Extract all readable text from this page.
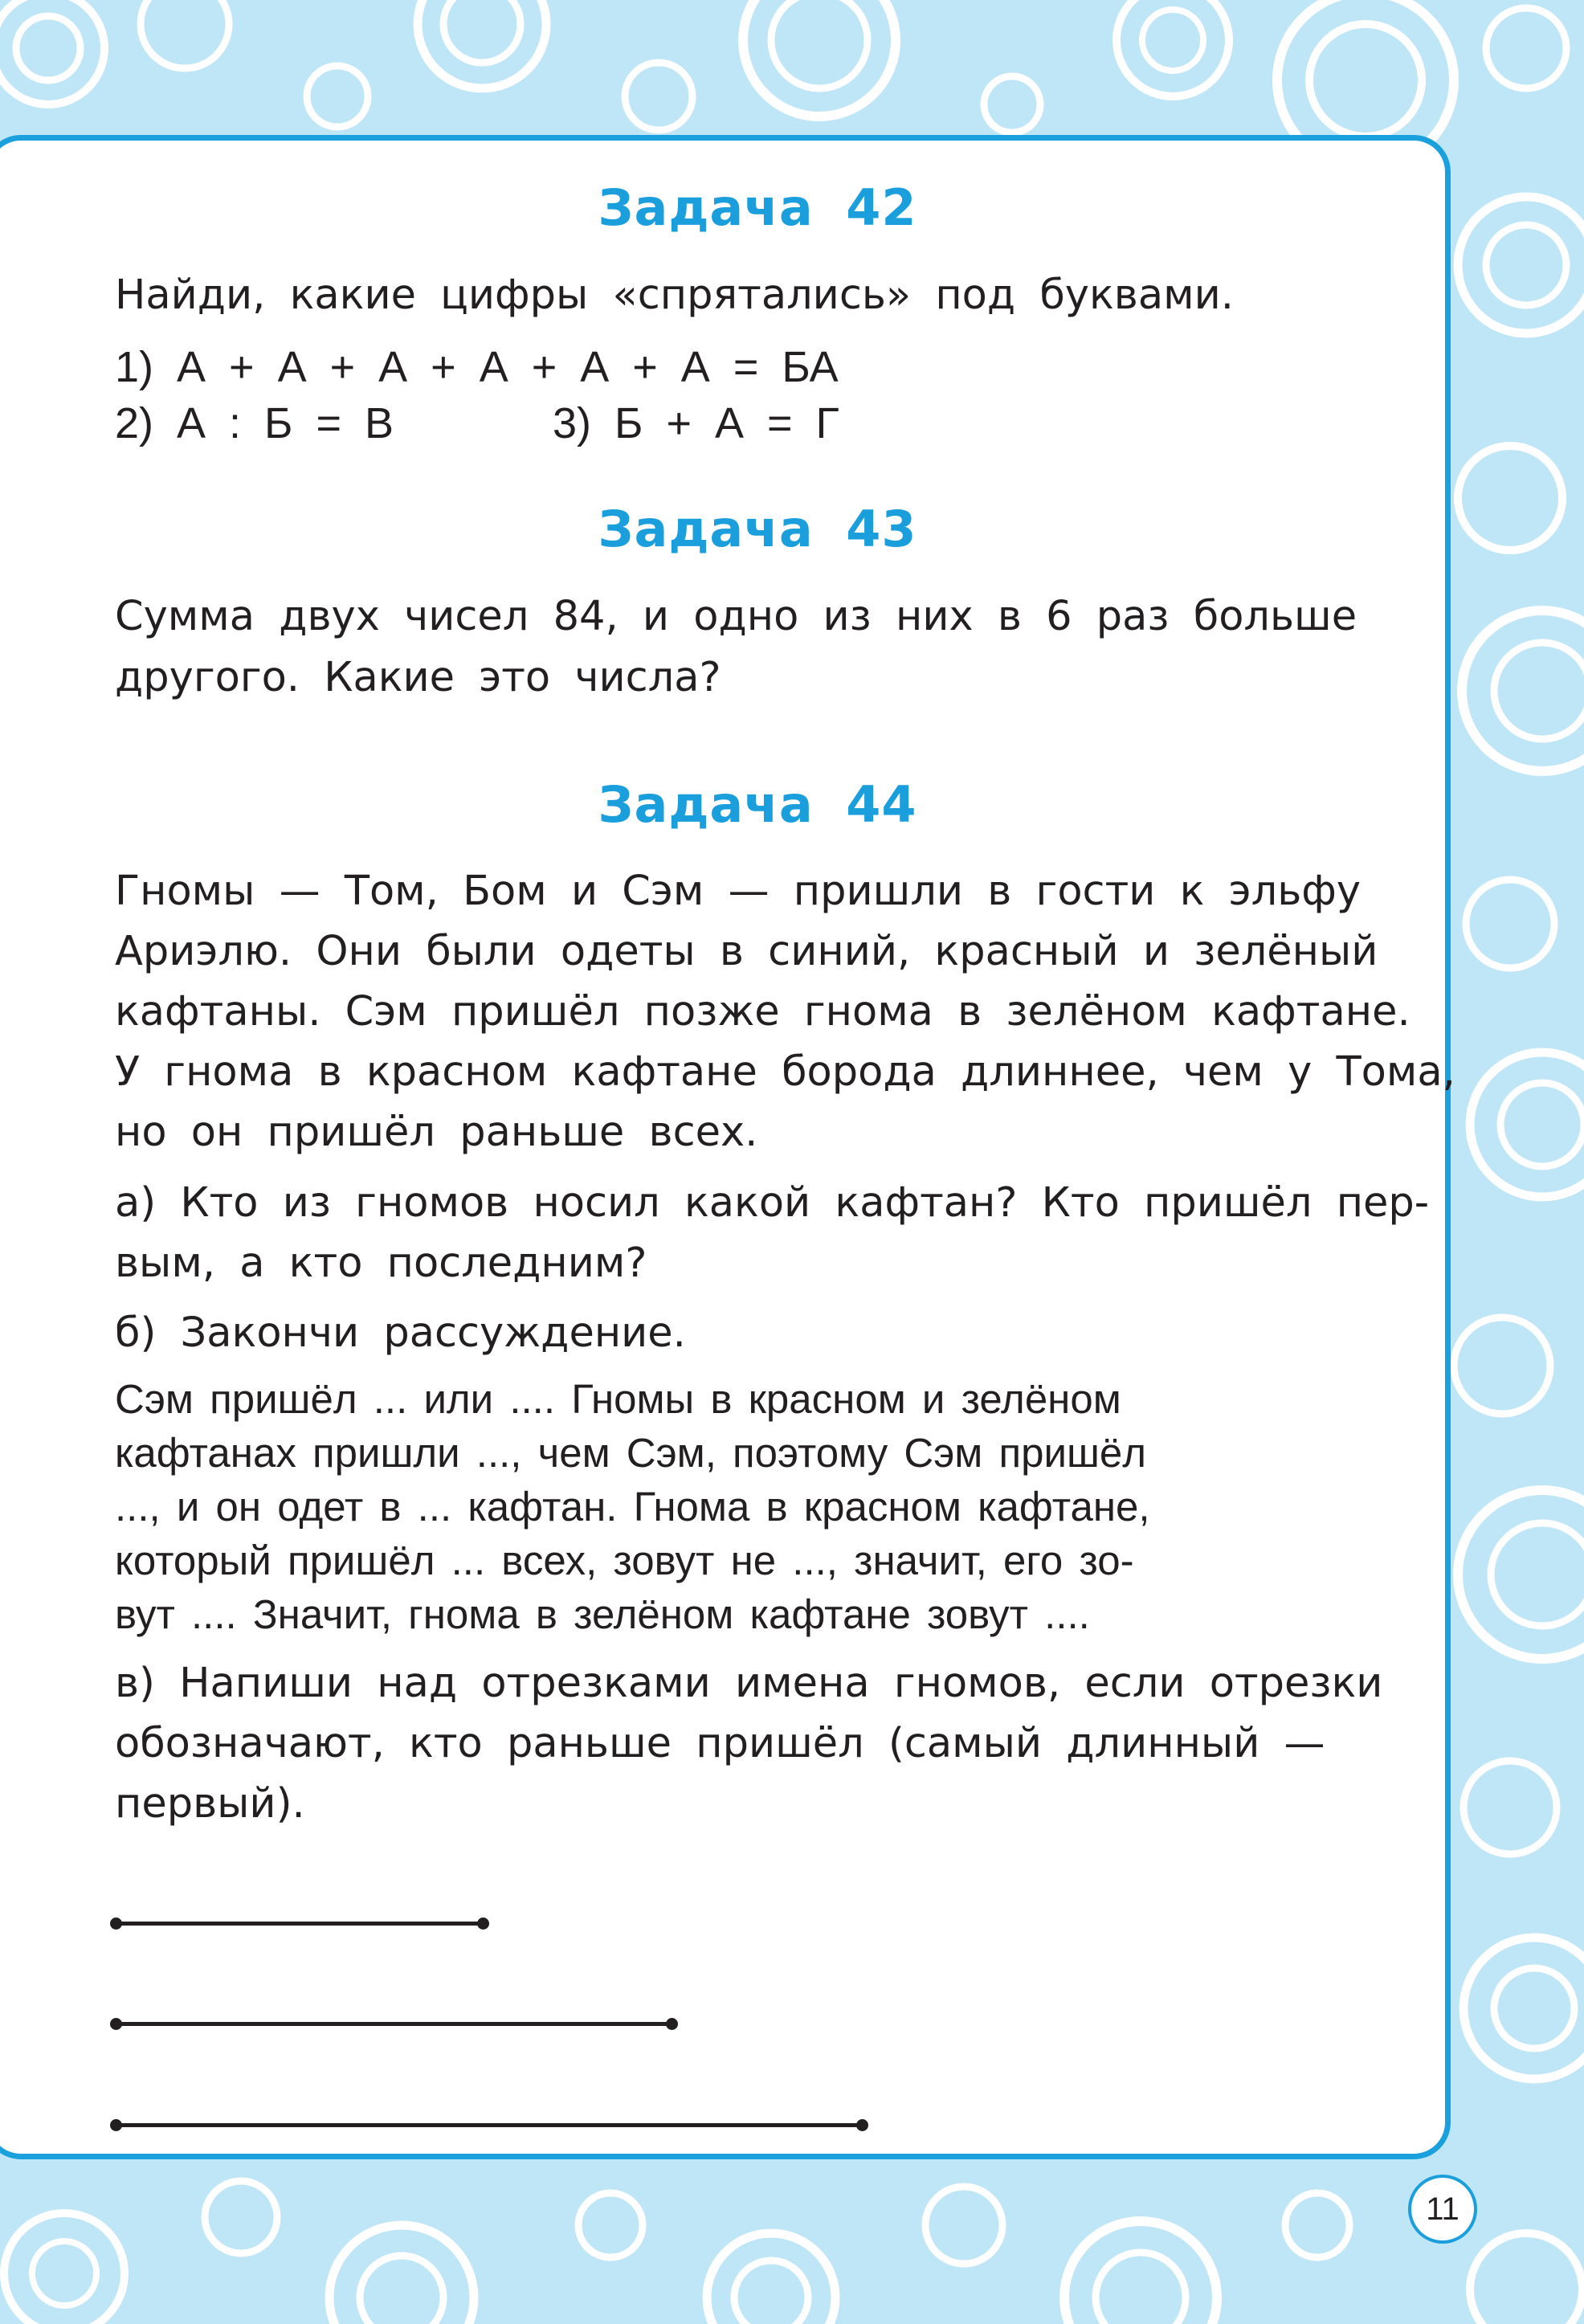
Задача 42

Найди, какие цифры «спрятались» под буквами.

1) А + А + А + А + А + А = БА

2) А : Б = В	3) Б + А = Г

Задача 43

Сумма двух чисел 84, и одно из них в 6 раз больше

другого. Какие это числа?

Задача 44

Гномы — Том, Бом и Сэм — пришли в гости к эльфу

Ариэлю. Они были одеты в синий, красный и зелёный

кафтаны. Сэм пришёл позже гнома в зелёном кафтане.

У гнома в красном кафтане борода длиннее, чем у Тома,

но он пришёл раньше всех.

а) Кто из гномов носил какой кафтан? Кто пришёл пер-

вым, а кто последним?

б) Закончи рассуждение.

Сэм пришёл ... или .... Гномы в красном и зелёном

кафтанах пришли ..., чем Сэм, поэтому Сэм пришёл

..., и он одет в ... кафтан. Гнома в красном кафтане,

который пришёл ... всех, зовут не ..., значит, его зо-

вут .... Значит, гнома в зелёном кафтане зовут ....

в) Напиши над отрезками имена гномов, если отрезки

обозначают, кто раньше пришёл (самый длинный —

первый).

11
